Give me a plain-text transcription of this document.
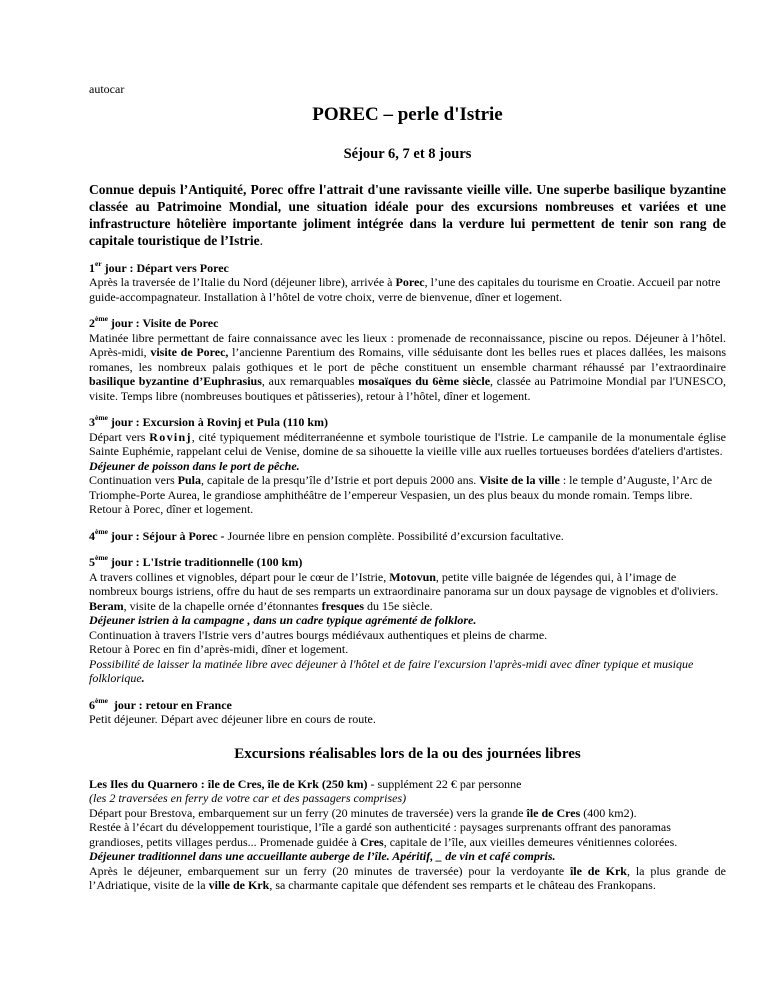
autocar

POREC – perle d'Istrie
Séjour 6, 7 et 8 jours

Connue depuis l’Antiquité, Porec offre l'attrait d'une ravissante vieille ville. Une superbe basilique byzantine classée au Patrimoine Mondial, une situation idéale pour des excursions nombreuses et variées et une infrastructure hôtelière importante joliment intégrée dans la verdure lui permettent de tenir son rang de capitale touristique de l’Istrie.

1er jour : Départ vers Porec

Après la traversée de l’Italie du Nord (déjeuner libre), arrivée à Porec, l’une des capitales du tourisme en Croatie. Accueil par notre guide-accompagnateur. Installation à l’hôtel de votre choix, verre de bienvenue, dîner et logement.

2ème jour : Visite de Porec

Matinée libre permettant de faire connaissance avec les lieux : promenade de reconnaissance, piscine ou repos. Déjeuner à l’hôtel. Après-midi, visite de Porec, l’ancienne Parentium des Romains, ville séduisante dont les belles rues et places dallées, les maisons romanes, les nombreux palais gothiques et le port de pêche constituent un ensemble charmant réhaussé par l’extraordinaire basilique byzantine d’Euphrasius, aux remarquables mosaïques du 6ème siècle, classée au Patrimoine Mondial par l'UNESCO, visite. Temps libre (nombreuses boutiques et pâtisseries), retour à l’hôtel, dîner et logement.

3ème jour : Excursion à Rovinj et Pula (110 km)

Départ vers Rovinj, cité typiquement méditerranéenne et symbole touristique de l'Istrie. Le campanile de la monumentale église Sainte Euphémie, rappelant celui de Venise, domine de sa sihouette la vieille ville aux ruelles tortueuses bordées d'ateliers d'artistes.

Déjeuner de poisson dans le port de pêche.

Continuation vers Pula, capitale de la presqu’île d’Istrie et port depuis 2000 ans. Visite de la ville : le temple d’Auguste, l’Arc de Triomphe-Porte Aurea, le grandiose amphithéâtre de l’empereur Vespasien, un des plus beaux du monde romain. Temps libre. Retour à Porec, dîner et logement.

4ème jour : Séjour à Porec - Journée libre en pension complète. Possibilité d’excursion facultative.

5ème jour : L'Istrie traditionnelle (100 km)

A travers collines et vignobles, départ pour le cœur de l’Istrie, Motovun, petite ville baignée de légendes qui, à l’image de nombreux bourgs istriens, offre du haut de ses remparts un extraordinaire panorama sur un doux paysage de vignobles et d'oliviers. Beram, visite de la chapelle ornée d’étonnantes fresques du 15e siècle.

Déjeuner istrien à la campagne , dans un cadre typique agrémenté de folklore.

Continuation à travers l'Istrie vers d’autres bourgs médiévaux authentiques et pleins de charme.

Retour à Porec en fin d’après-midi, dîner et logement.

Possibilité de laisser la matinée libre avec déjeuner à l'hôtel et de faire l'excursion l'après-midi avec dîner typique et musique folklorique.

6ème  jour : retour en France

Petit déjeuner. Départ avec déjeuner libre en cours de route.

Excursions réalisables lors de la ou des journées libres

Les Iles du Quarnero : île de Cres, île de Krk (250 km) - supplément 22 € par personne

(les 2 traversées en ferry de votre car et des passagers comprises)

Départ pour Brestova, embarquement sur un ferry (20 minutes de traversée) vers la grande île de Cres (400 km2).

Restée à l’écart du développement touristique, l’île a gardé son authenticité : paysages surprenants offrant des panoramas grandioses, petits villages perdus... Promenade guidée à Cres, capitale de l’île, aux vieilles demeures vénitiennes colorées.

Déjeuner traditionnel dans une accueillante auberge de l’île. Apéritif, _ de vin et café compris.

Après le déjeuner, embarquement sur un ferry (20 minutes de traversée) pour la verdoyante île de Krk, la plus grande de l’Adriatique, visite de la ville de Krk, sa charmante capitale que défendent ses remparts et le château des Frankopans.
